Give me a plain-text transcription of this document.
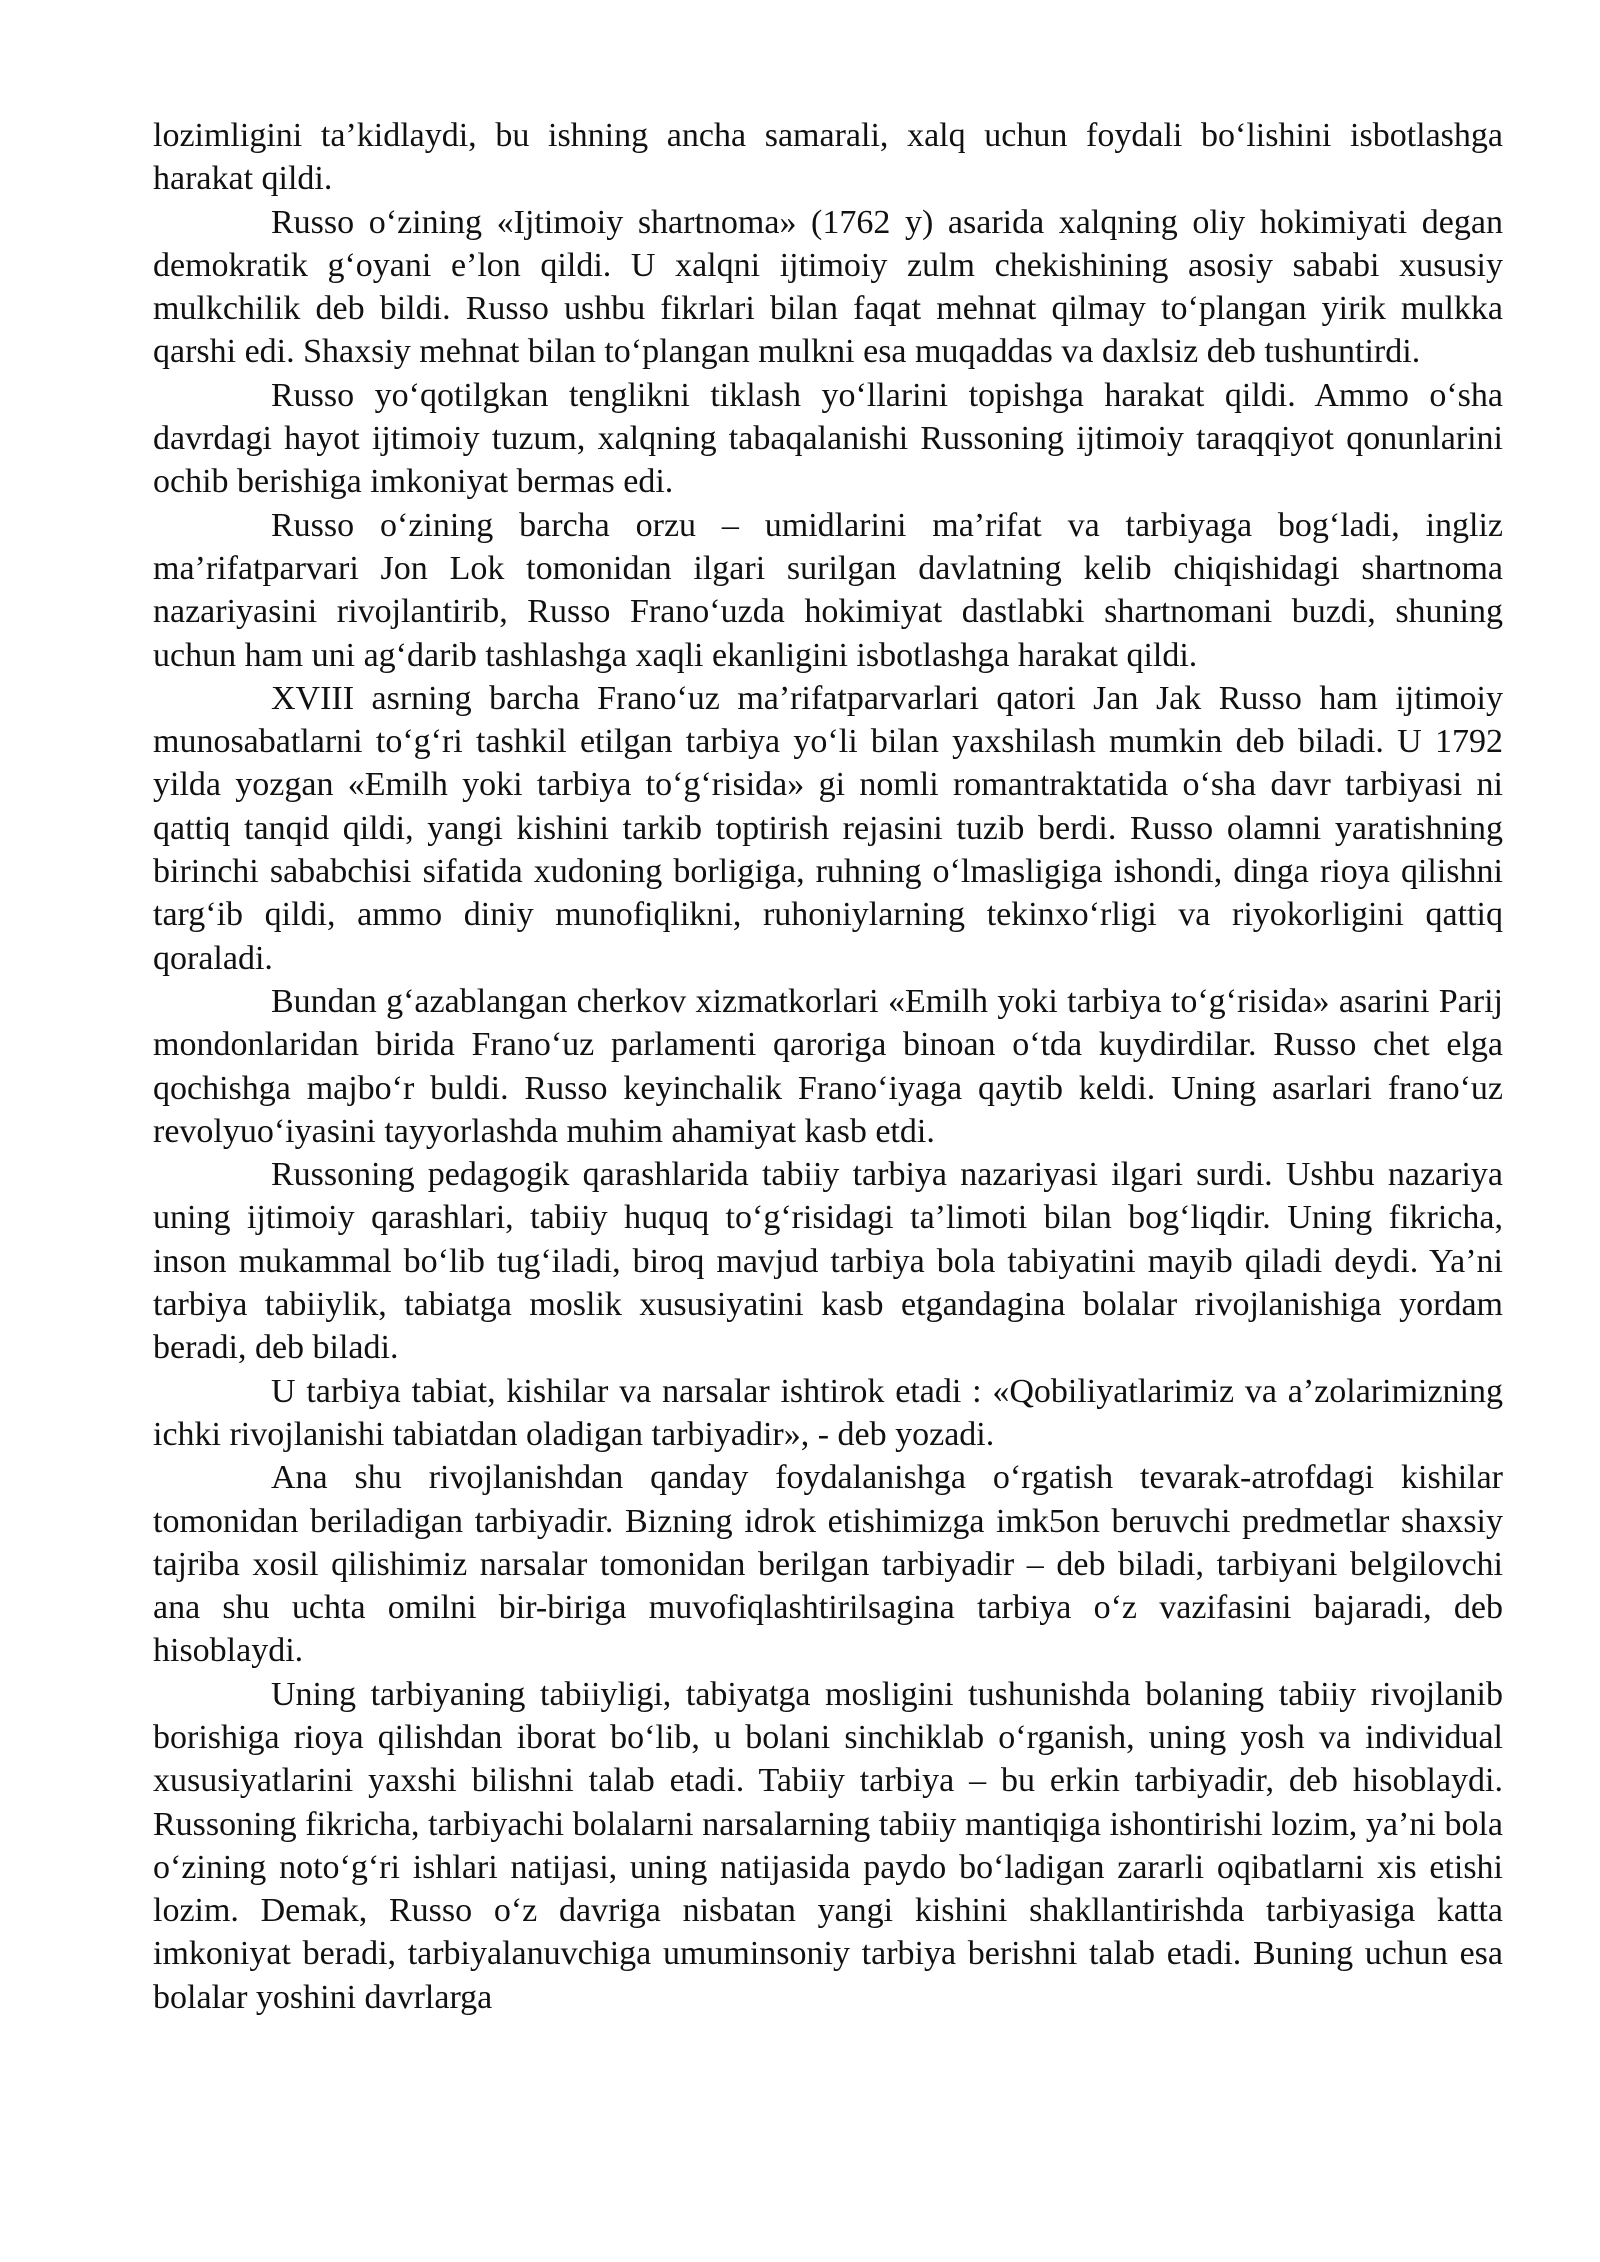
lozimligini ta’kidlaydi, bu ishning ancha samarali, xalq uchun foydali bo‘lishini isbotlashga harakat qildi.

Russo o‘zining «Ijtimoiy shartnoma» (1762 y) asarida xalqning oliy hokimiyati degan demokratik g‘oyani e’lon qildi. U xalqni ijtimoiy zulm chekishining asosiy sababi xususiy mulkchilik deb bildi. Russo ushbu fikrlari bilan faqat mehnat qilmay to‘plangan yirik mulkka qarshi edi. Shaxsiy mehnat bilan to‘plangan mulkni esa muqaddas va daxlsiz deb tushuntirdi.

Russo yo‘qotilgkan tenglikni tiklash yo‘llarini topishga harakat qildi. Ammo o‘sha davrdagi hayot ijtimoiy tuzum, xalqning tabaqalanishi Russoning ijtimoiy taraqqiyot qonunlarini ochib berishiga imkoniyat bermas edi.

Russo o‘zining barcha orzu – umidlarini ma’rifat va tarbiyaga bog‘ladi, ingliz ma’rifatparvari Jon Lok tomonidan ilgari surilgan davlatning kelib chiqishidagi shartnoma nazariyasini rivojlantirib, Russo Frano‘uzda hokimiyat dastlabki shartnomani buzdi, shuning uchun ham uni ag‘darib tashlashga xaqli ekanligini isbotlashga harakat qildi.

XVIII asrning barcha Frano‘uz ma’rifatparvarlari qatori Jan Jak Russo ham ijtimoiy munosabatlarni to‘g‘ri tashkil etilgan tarbiya yo‘li bilan yaxshilash mumkin deb biladi. U 1792 yilda yozgan «Emilh yoki tarbiya to‘g‘risida» gi nomli romantraktatida o‘sha davr tarbiyasi ni qattiq tanqid qildi, yangi kishini tarkib toptirish rejasini tuzib berdi. Russo olamni yaratishning birinchi sababchisi sifatida xudoning borligiga, ruhning o‘lmasligiga ishondi, dinga rioya qilishni targ‘ib qildi, ammo diniy munofiqlikni, ruhoniylarning tekinxo‘rligi va riyokorligini qattiq qoraladi.

Bundan g‘azablangan cherkov xizmatkorlari «Emilh yoki tarbiya to‘g‘risida» asarini Parij mondonlaridan birida Frano‘uz parlamenti qaroriga binoan o‘tda kuydirdilar. Russo chet elga qochishga majbo‘r buldi. Russo keyinchalik Frano‘iyaga qaytib keldi. Uning asarlari frano‘uz revolyuo‘iyasini tayyorlashda muhim ahamiyat kasb etdi.

Russoning pedagogik qarashlarida tabiiy tarbiya nazariyasi ilgari surdi. Ushbu nazariya uning ijtimoiy qarashlari, tabiiy huquq to‘g‘risidagi ta’limoti bilan bog‘liqdir. Uning fikricha, inson mukammal bo‘lib tug‘iladi, biroq mavjud tarbiya bola tabiyatini mayib qiladi deydi. Ya’ni tarbiya tabiiylik, tabiatga moslik xususiyatini kasb etgandagina bolalar rivojlanishiga yordam beradi, deb biladi.

U tarbiya tabiat, kishilar va narsalar ishtirok etadi : «Qobiliyatlarimiz va a’zolarimizning ichki rivojlanishi tabiatdan oladigan tarbiyadir», - deb yozadi.

Ana shu rivojlanishdan qanday foydalanishga o‘rgatish tevarak-atrofdagi kishilar tomonidan beriladigan tarbiyadir. Bizning idrok etishimizga imk5on beruvchi predmetlar shaxsiy tajriba xosil qilishimiz narsalar tomonidan berilgan tarbiyadir – deb biladi, tarbiyani belgilovchi ana shu uchta omilni bir-biriga muvofiqlashtirilsagina tarbiya o‘z vazifasini bajaradi, deb hisoblaydi.

Uning tarbiyaning tabiiyligi, tabiyatga mosligini tushunishda bolaning tabiiy rivojlanib borishiga rioya qilishdan iborat bo‘lib, u bolani sinchiklab o‘rganish, uning yosh va individual xususiyatlarini yaxshi bilishni talab etadi. Tabiiy tarbiya – bu erkin tarbiyadir, deb hisoblaydi. Russoning fikricha, tarbiyachi bolalarni narsalarning tabiiy mantiqiga ishontirishi lozim, ya’ni bola o‘zining noto‘g‘ri ishlari natijasi, uning natijasida paydo bo‘ladigan zararli oqibatlarni xis etishi lozim. Demak, Russo o‘z davriga nisbatan yangi kishini shakllantirishda tarbiyasiga katta imkoniyat beradi, tarbiyalanuvchiga umuminsoniy tarbiya berishni talab etadi. Buning uchun esa bolalar yoshini davrlarga
